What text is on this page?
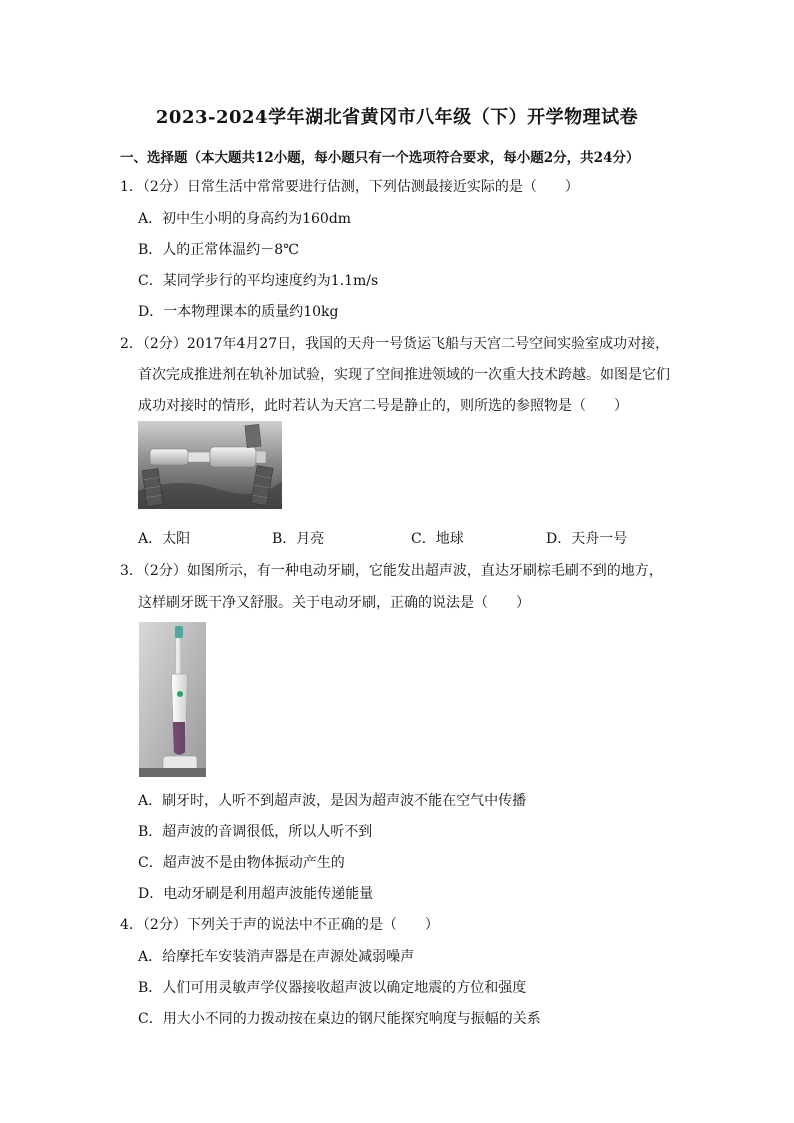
2023-2024学年湖北省黄冈市八年级（下）开学物理试卷
一、选择题（本大题共12小题，每小题只有一个选项符合要求，每小题2分，共24分）
1．（2分）日常生活中常常要进行估测，下列估测最接近实际的是（　　）
A．初中生小明的身高约为160dm
B．人的正常体温约－8℃
C．某同学步行的平均速度约为1.1m/s
D．一本物理课本的质量约10kg
2．（2分）2017年4月27日，我国的天舟一号货运飞船与天宫二号空间实验室成功对接，
首次完成推进剂在轨补加试验，实现了空间推进领域的一次重大技术跨越。如图是它们
成功对接时的情形，此时若认为天宫二号是静止的，则所选的参照物是（　　）
A．太阳	B．月亮	C．地球	D．天舟一号
3．（2分）如图所示，有一种电动牙刷，它能发出超声波，直达牙刷棕毛刷不到的地方，
这样刷牙既干净又舒服。关于电动牙刷，正确的说法是（　　）
A．刷牙时，人听不到超声波，是因为超声波不能在空气中传播
B．超声波的音调很低，所以人听不到
C．超声波不是由物体振动产生的
D．电动牙刷是利用超声波能传递能量
4．（2分）下列关于声的说法中不正确的是（　　）
A．给摩托车安装消声器是在声源处减弱噪声
B．人们可用灵敏声学仪器接收超声波以确定地震的方位和强度
C．用大小不同的力拨动按在桌边的钢尺能探究响度与振幅的关系
